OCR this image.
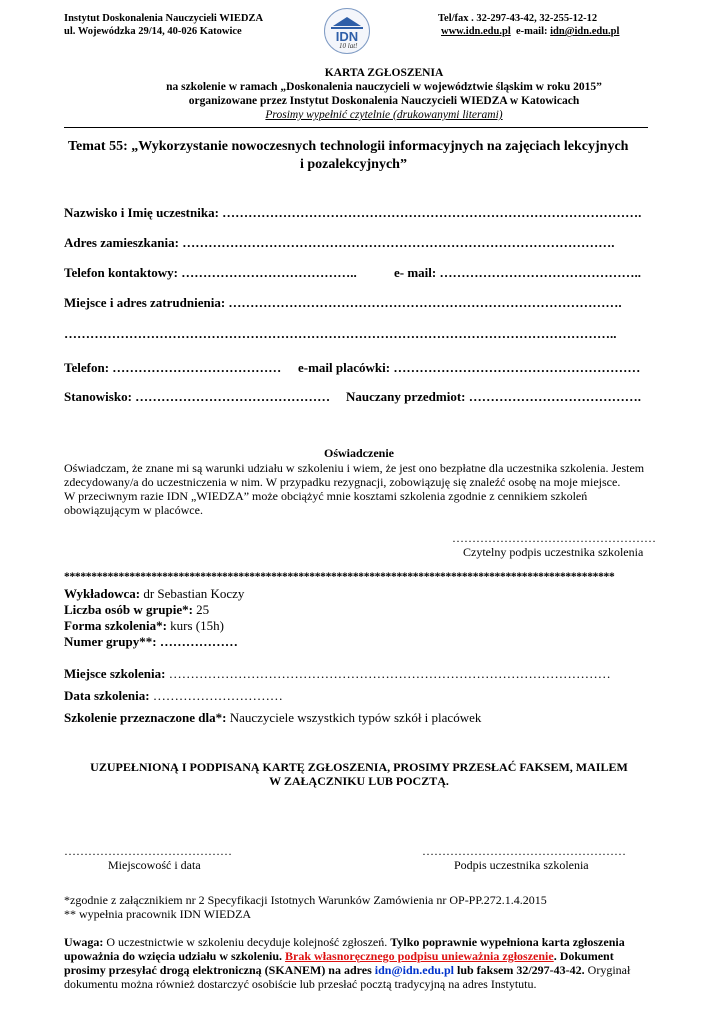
Instytut Doskonalenia Nauczycieli WIEDZA
ul. Wojewódzka 29/14, 40-026 Katowice
Tel/fax . 32-297-43-42, 32-255-12-12
www.idn.edu.pl e-mail: idn@idn.edu.pl
IDN
10 lat!
KARTA ZGŁOSZENIA
na szkolenie w ramach „Doskonalenia nauczycieli w województwie śląskim w roku 2015”
organizowane przez Instytut Doskonalenia Nauczycieli WIEDZA w Katowicach
Prosimy wypełnić czytelnie (drukowanymi literami)
Temat 55: „Wykorzystanie nowoczesnych technologii informacyjnych na zajęciach lekcyjnych
i pozalekcyjnych”
Nazwisko i Imię uczestnika: …………………………………………………………………………………….
Adres zamieszkania: ……………………………………………………………………………………….
Telefon kontaktowy: …………………………………..	e- mail: ………………………………………..
Miejsce i adres zatrudnienia: ……………………………………………………………………………….
………………………………………………………………………………………………………………..
Telefon: ………………………………… e-mail placówki: …………………………………………………
Stanowisko: ……………………………………… Nauczany przedmiot: ………………………………….
Oświadczenie
Oświadczam, że znane mi są warunki udziału w szkoleniu i wiem, że jest ono bezpłatne dla uczestnika szkolenia. Jestem
zdecydowany/a do uczestniczenia w nim. W przypadku rezygnacji, zobowiązuję się znaleźć osobę na moje miejsce.
W przeciwnym razie IDN „WIEDZA” może obciążyć mnie kosztami szkolenia zgodnie z cennikiem szkoleń
obowiązującym w placówce.
……………………………………………
Czytelny podpis uczestnika szkolenia
*****************************************************************************************************
Wykładowca: dr Sebastian Koczy
Liczba osób w grupie*: 25
Forma szkolenia*: kurs (15h)
Numer grupy**: ………………
Miejsce szkolenia: …………………………………………………………………………………………
Data szkolenia: …………………………
Szkolenie przeznaczone dla*: Nauczyciele wszystkich typów szkół i placówek
UZUPEŁNIONĄ I PODPISANĄ KARTĘ ZGŁOSZENIA, PROSIMY PRZESŁAĆ FAKSEM, MAILEM
W ZAŁĄCZNIKU LUB POCZTĄ.
……………………………………
Miejscowość i data
……………………………………………
Podpis uczestnika szkolenia
*zgodnie z załącznikiem nr 2 Specyfikacji Istotnych Warunków Zamówienia nr OP-PP.272.1.4.2015
** wypełnia pracownik IDN WIEDZA
Uwaga: O uczestnictwie w szkoleniu decyduje kolejność zgłoszeń. Tylko poprawnie wypełniona karta zgłoszenia
upoważnia do wzięcia udziału w szkoleniu. Brak własnoręcznego podpisu unieważnia zgłoszenie. Dokument
prosimy przesyłać drogą elektroniczną (SKANEM) na adres idn@idn.edu.pl lub faksem 32/297-43-42. Oryginał
dokumentu można również dostarczyć osobiście lub przesłać pocztą tradycyjną na adres Instytutu.
